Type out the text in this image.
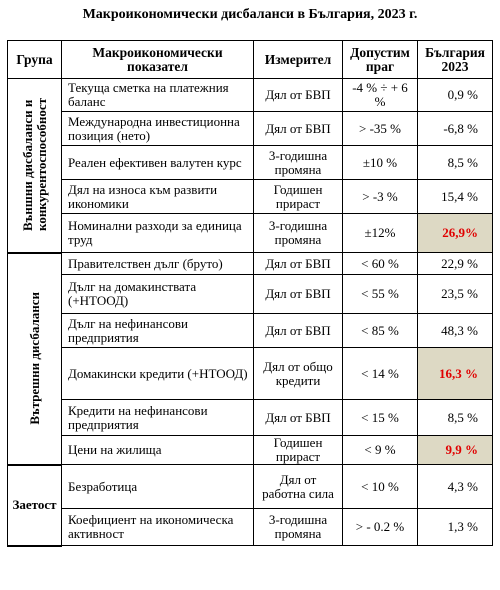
Макроикономически дисбаланси в България, 2023 г.
Група	Макроикономически показател	Измерител	Допустим праг	България 2023

Външни дисбаланси и конкурентоспособност	Текуща сметка на платежния баланс	Дял от БВП	-4 % ÷ + 6 %	0,9 %
	Международна инвестиционна позиция (нето)	Дял от БВП	> -35 %	-6,8 %
	Реален ефективен валутен курс	3-годишна промяна	±10 %	8,5 %
	Дял на износа към развити икономики	Годишен прираст	> -3 %	15,4 %
	Номинални разходи за единица труд	3-годишна промяна	±12%	26,9%

Вътрешни дисбаланси	Правителствен дълг (бруто)	Дял от БВП	< 60 %	22,9 %
	Дълг на домакинствата (+НТООД)	Дял от БВП	< 55 %	23,5 %
	Дълг на нефинансови предприятия	Дял от БВП	< 85 %	48,3 %
	Домакински кредити (+НТООД)	Дял от общо кредити	< 14 %	16,3 %
	Кредити на нефинансови предприятия	Дял от БВП	< 15 %	8,5 %
	Цени на жилища	Годишен прираст	< 9 %	9,9 %

Заетост	Безработица	Дял от работна сила	< 10 %	4,3 %
	Коефициент на икономическа активност	3-годишна промяна	> - 0.2 %	1,3 %
